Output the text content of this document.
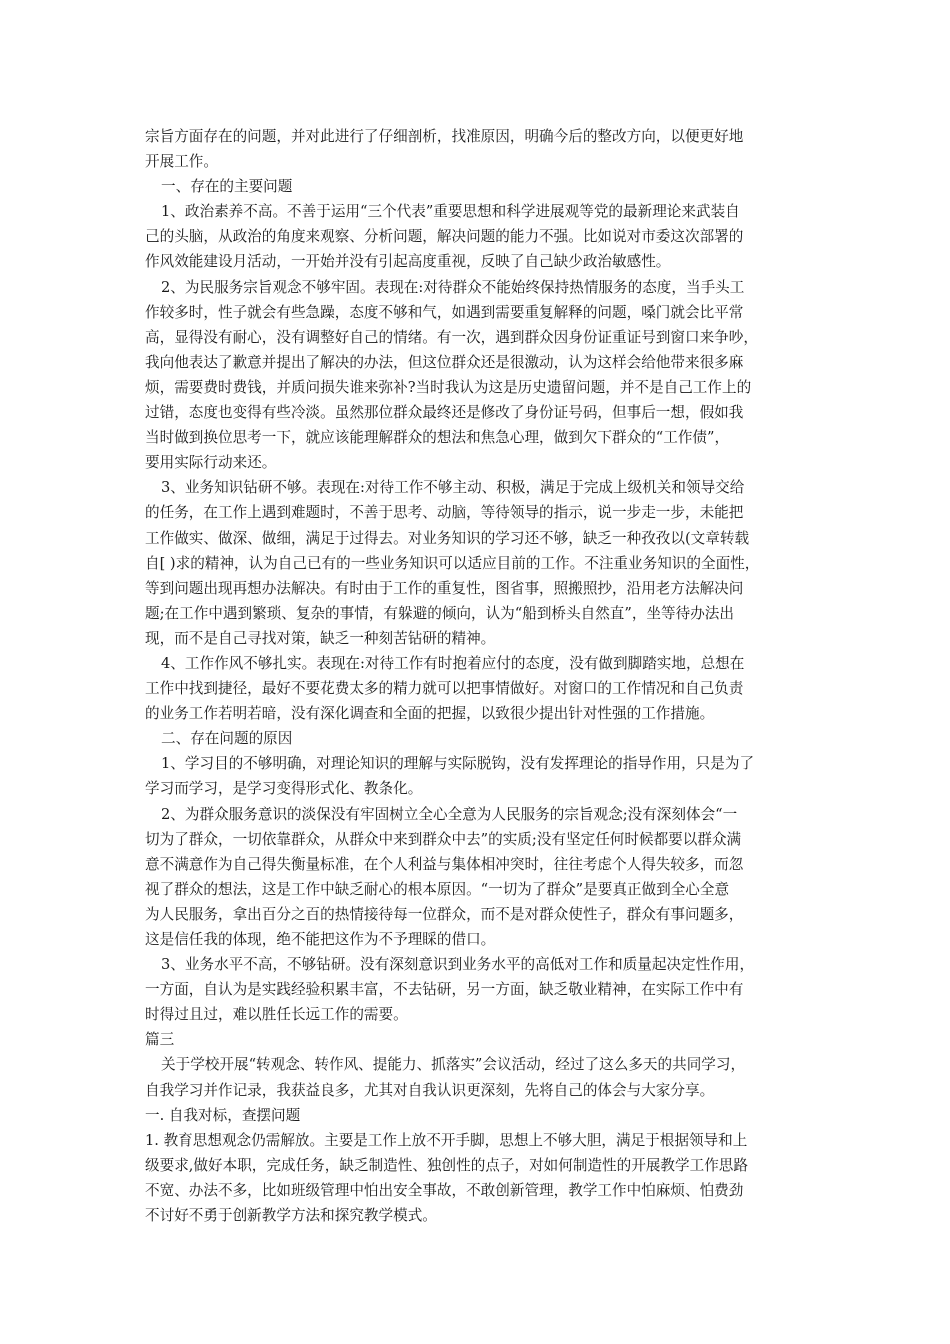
宗旨方面存在的问题，并对此进行了仔细剖析，找准原因，明确今后的整改方向，以便更好地
开展工作。
一、存在的主要问题
1、政治素养不高。不善于运用“三个代表”重要思想和科学进展观等党的最新理论来武装自
己的头脑，从政治的角度来观察、分析问题，解决问题的能力不强。比如说对市委这次部署的
作风效能建设月活动，一开始并没有引起高度重视，反映了自己缺少政治敏感性。
2、为民服务宗旨观念不够牢固。表现在:对待群众不能始终保持热情服务的态度，当手头工
作较多时，性子就会有些急躁，态度不够和气，如遇到需要重复解释的问题，嗓门就会比平常
高，显得没有耐心，没有调整好自己的情绪。有一次，遇到群众因身份证重证号到窗口来争吵，
我向他表达了歉意并提出了解决的办法，但这位群众还是很激动，认为这样会给他带来很多麻
烦，需要费时费钱，并质问损失谁来弥补?当时我认为这是历史遗留问题，并不是自己工作上的
过错，态度也变得有些冷淡。虽然那位群众最终还是修改了身份证号码，但事后一想，假如我
当时做到换位思考一下，就应该能理解群众的想法和焦急心理，做到欠下群众的“工作债”，
要用实际行动来还。
3、业务知识钻研不够。表现在:对待工作不够主动、积极，满足于完成上级机关和领导交给
的任务，在工作上遇到难题时，不善于思考、动脑，等待领导的指示，说一步走一步，未能把
工作做实、做深、做细，满足于过得去。对业务知识的学习还不够，缺乏一种孜孜以(文章转载
自[ )求的精神，认为自己已有的一些业务知识可以适应目前的工作。不注重业务知识的全面性，
等到问题出现再想办法解决。有时由于工作的重复性，图省事，照搬照抄，沿用老方法解决问
题;在工作中遇到繁琐、复杂的事情，有躲避的倾向，认为“船到桥头自然直”，坐等待办法出
现，而不是自己寻找对策，缺乏一种刻苦钻研的精神。
4、工作作风不够扎实。表现在:对待工作有时抱着应付的态度，没有做到脚踏实地，总想在
工作中找到捷径，最好不要花费太多的精力就可以把事情做好。对窗口的工作情况和自己负责
的业务工作若明若暗，没有深化调查和全面的把握，以致很少提出针对性强的工作措施。
二、存在问题的原因
1、学习目的不够明确，对理论知识的理解与实际脱钩，没有发挥理论的指导作用，只是为了
学习而学习，是学习变得形式化、教条化。
2、为群众服务意识的淡保没有牢固树立全心全意为人民服务的宗旨观念;没有深刻体会“一
切为了群众，一切依靠群众，从群众中来到群众中去”的实质;没有坚定任何时候都要以群众满
意不满意作为自己得失衡量标准，在个人利益与集体相冲突时，往往考虑个人得失较多，而忽
视了群众的想法，这是工作中缺乏耐心的根本原因。“一切为了群众”是要真正做到全心全意
为人民服务，拿出百分之百的热情接待每一位群众，而不是对群众使性子，群众有事问题多，
这是信任我的体现，绝不能把这作为不予理睬的借口。
3、业务水平不高，不够钻研。没有深刻意识到业务水平的高低对工作和质量起决定性作用，
一方面，自认为是实践经验积累丰富，不去钻研，另一方面，缺乏敬业精神，在实际工作中有
时得过且过，难以胜任长远工作的需要。
篇三
关于学校开展“转观念、转作风、提能力、抓落实”会议活动，经过了这么多天的共同学习，
自我学习并作记录，我获益良多，尤其对自我认识更深刻，先将自己的体会与大家分享。
一. 自我对标，查摆问题
1. 教育思想观念仍需解放。主要是工作上放不开手脚，思想上不够大胆，满足于根据领导和上
级要求,做好本职，完成任务，缺乏制造性、独创性的点子，对如何制造性的开展教学工作思路
不宽、办法不多，比如班级管理中怕出安全事故，不敢创新管理，教学工作中怕麻烦、怕费劲
不讨好不勇于创新教学方法和探究教学模式。
